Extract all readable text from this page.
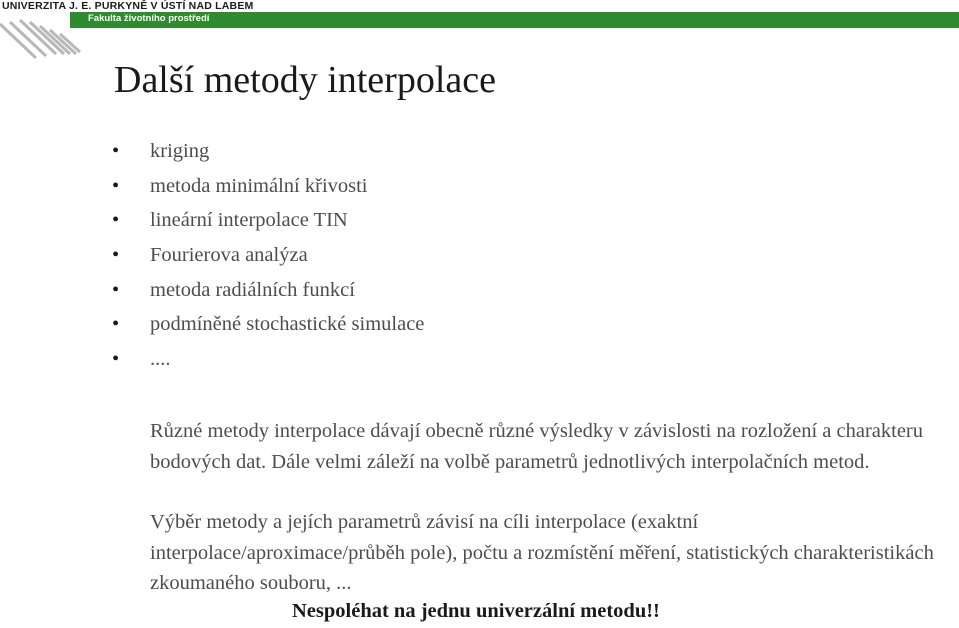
UNIVERZITA J. E. PURKYNĚ V ÚSTÍ NAD LABEM
Fakulta životního prostředí
Další metody interpolace
• kriging
• metoda minimální křivosti
• lineární interpolace TIN
• Fourierova analýza
• metoda radiálních funkcí
• podmíněné stochastické simulace
• ....

Různé metody interpolace dávají obecně různé výsledky v závislosti na rozložení a charakteru bodových dat. Dále velmi záleží na volbě parametrů jednotlivých interpolačních metod.

Výběr metody a jejích parametrů závisí na cíli interpolace (exaktní interpolace/aproximace/průběh pole), počtu a rozmístění měření, statistických charakteristikách zkoumaného souboru, ...

Nespoléhat na jednu univerzální metodu!!
